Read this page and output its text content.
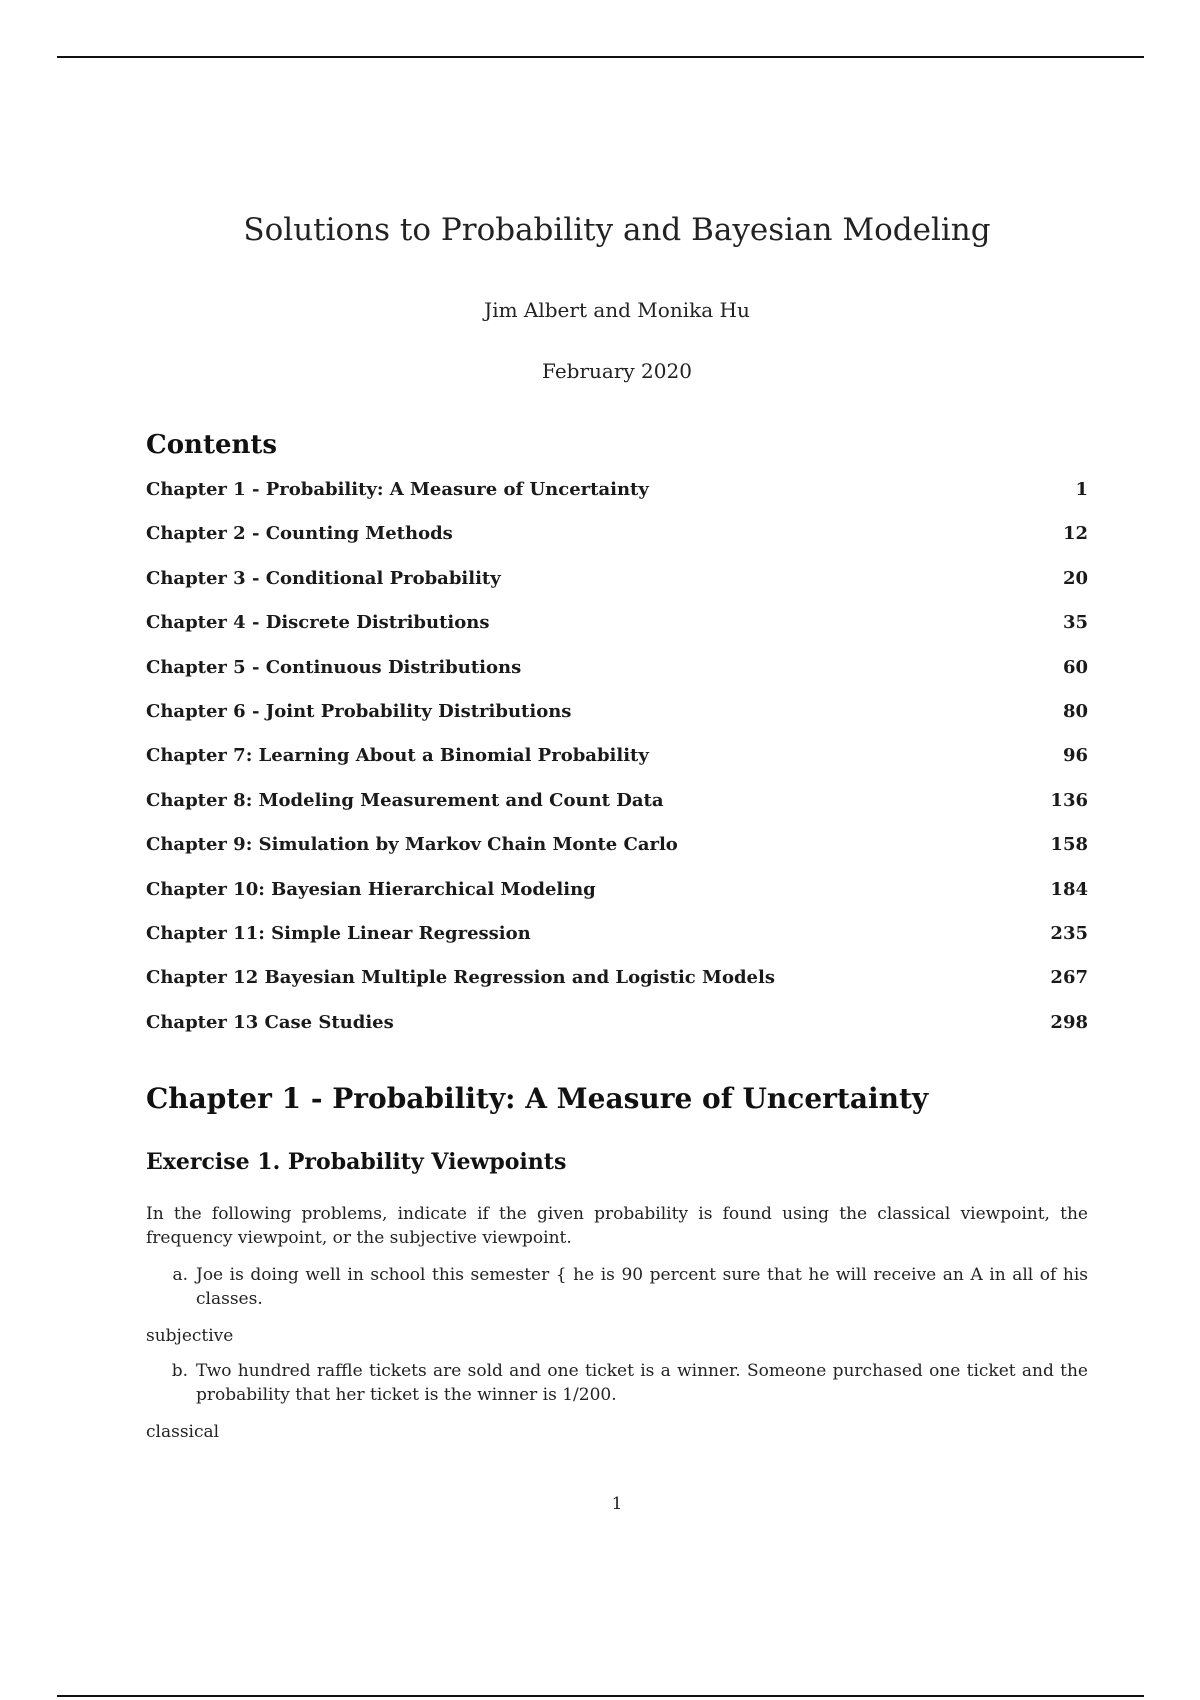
Solutions to Probability and Bayesian Modeling
Jim Albert and Monika Hu
February 2020
Contents
Chapter 1 - Probability: A Measure of Uncertainty	1
Chapter 2 - Counting Methods	12
Chapter 3 - Conditional Probability	20
Chapter 4 - Discrete Distributions	35
Chapter 5 - Continuous Distributions	60
Chapter 6 - Joint Probability Distributions	80
Chapter 7: Learning About a Binomial Probability	96
Chapter 8: Modeling Measurement and Count Data	136
Chapter 9: Simulation by Markov Chain Monte Carlo	158
Chapter 10: Bayesian Hierarchical Modeling	184
Chapter 11: Simple Linear Regression	235
Chapter 12 Bayesian Multiple Regression and Logistic Models	267
Chapter 13 Case Studies	298
Chapter 1 - Probability: A Measure of Uncertainty
Exercise 1. Probability Viewpoints

In the following problems, indicate if the given probability is found using the classical viewpoint, the frequency viewpoint, or the subjective viewpoint.

a. Joe is doing well in school this semester { he is 90 percent sure that he will receive an A in all of his classes.

subjective

b. Two hundred raffle tickets are sold and one ticket is a winner. Someone purchased one ticket and the probability that her ticket is the winner is 1/200.

classical

1
